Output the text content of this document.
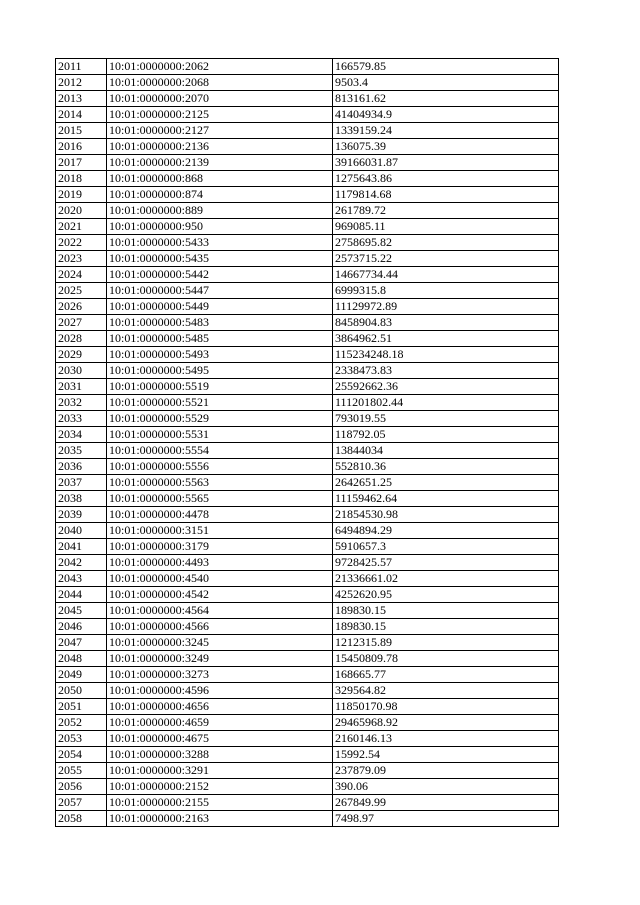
2011	10:01:0000000:2062	166579.85
2012	10:01:0000000:2068	9503.4
2013	10:01:0000000:2070	813161.62
2014	10:01:0000000:2125	41404934.9
2015	10:01:0000000:2127	1339159.24
2016	10:01:0000000:2136	136075.39
2017	10:01:0000000:2139	39166031.87
2018	10:01:0000000:868	1275643.86
2019	10:01:0000000:874	1179814.68
2020	10:01:0000000:889	261789.72
2021	10:01:0000000:950	969085.11
2022	10:01:0000000:5433	2758695.82
2023	10:01:0000000:5435	2573715.22
2024	10:01:0000000:5442	14667734.44
2025	10:01:0000000:5447	6999315.8
2026	10:01:0000000:5449	11129972.89
2027	10:01:0000000:5483	8458904.83
2028	10:01:0000000:5485	3864962.51
2029	10:01:0000000:5493	115234248.18
2030	10:01:0000000:5495	2338473.83
2031	10:01:0000000:5519	25592662.36
2032	10:01:0000000:5521	111201802.44
2033	10:01:0000000:5529	793019.55
2034	10:01:0000000:5531	118792.05
2035	10:01:0000000:5554	13844034
2036	10:01:0000000:5556	552810.36
2037	10:01:0000000:5563	2642651.25
2038	10:01:0000000:5565	11159462.64
2039	10:01:0000000:4478	21854530.98
2040	10:01:0000000:3151	6494894.29
2041	10:01:0000000:3179	5910657.3
2042	10:01:0000000:4493	9728425.57
2043	10:01:0000000:4540	21336661.02
2044	10:01:0000000:4542	4252620.95
2045	10:01:0000000:4564	189830.15
2046	10:01:0000000:4566	189830.15
2047	10:01:0000000:3245	1212315.89
2048	10:01:0000000:3249	15450809.78
2049	10:01:0000000:3273	168665.77
2050	10:01:0000000:4596	329564.82
2051	10:01:0000000:4656	11850170.98
2052	10:01:0000000:4659	29465968.92
2053	10:01:0000000:4675	2160146.13
2054	10:01:0000000:3288	15992.54
2055	10:01:0000000:3291	237879.09
2056	10:01:0000000:2152	390.06
2057	10:01:0000000:2155	267849.99
2058	10:01:0000000:2163	7498.97
